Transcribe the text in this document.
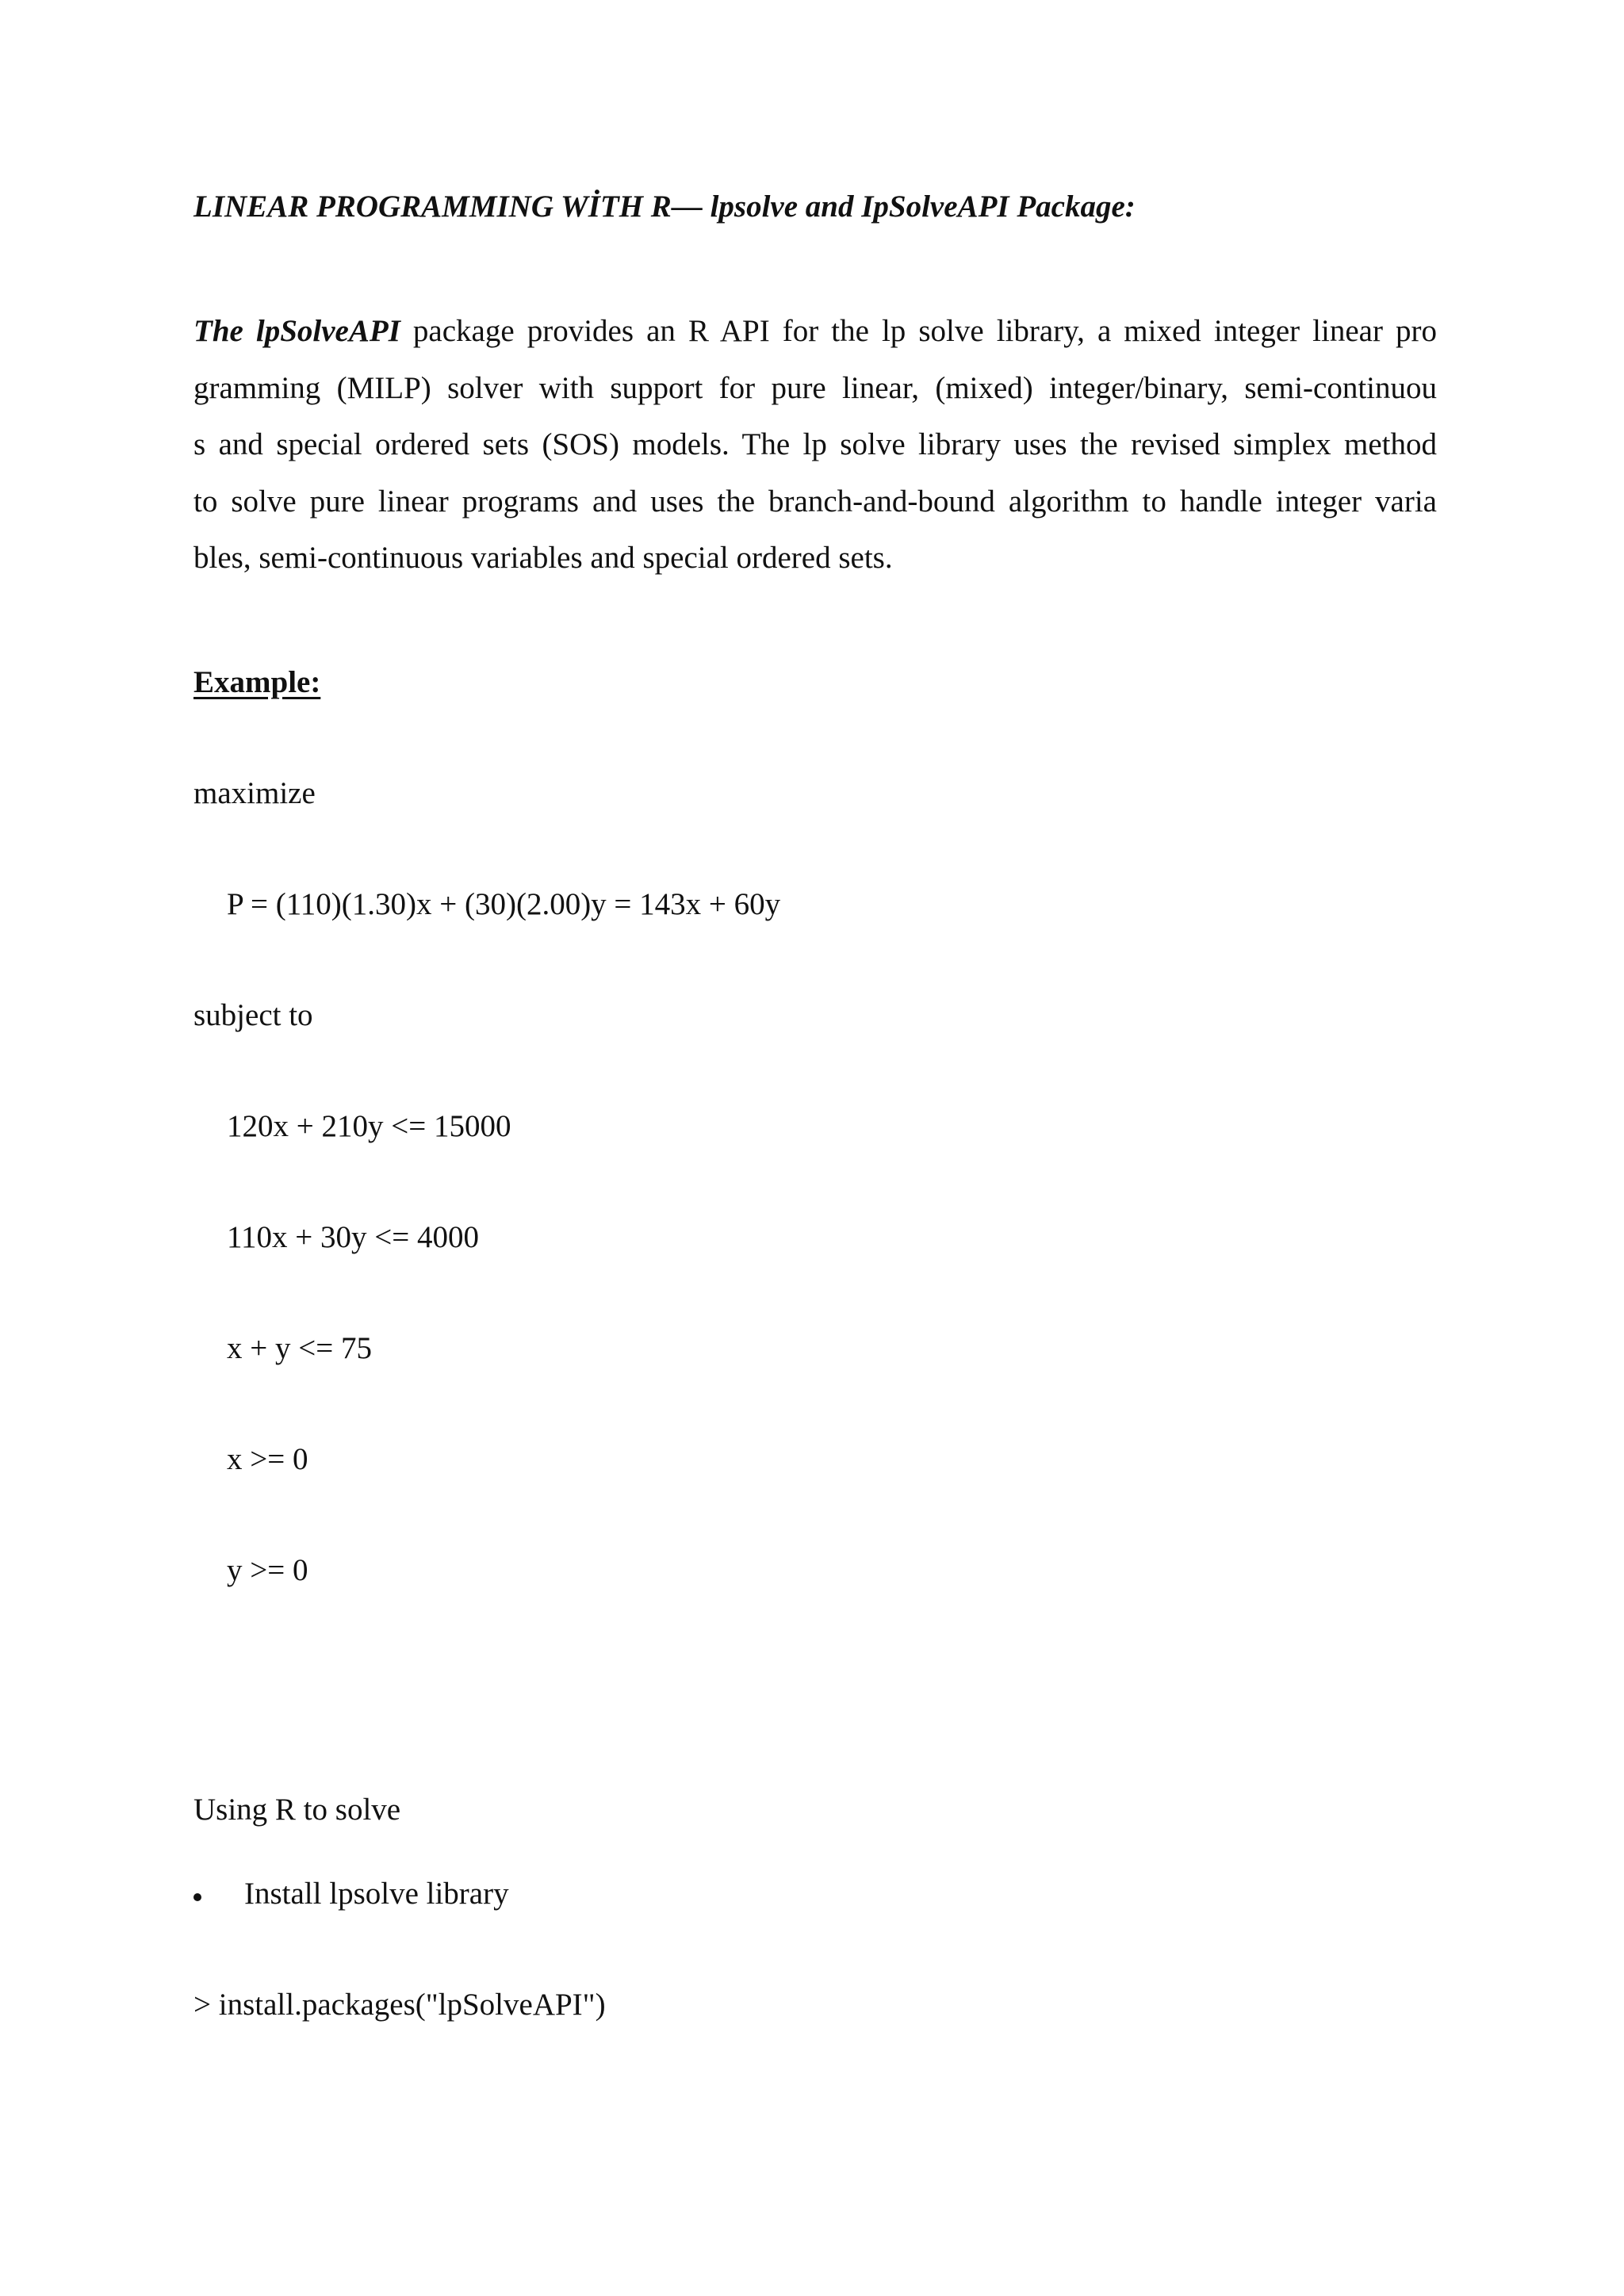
LINEAR PROGRAMMING WİTH R— lpsolve and IpSolveAPI Package:
The lpSolveAPI package provides an R API for the lp solve library, a mixed integer linear pro
gramming (MILP) solver with support for pure linear, (mixed) integer/binary, semi-continuou
s and special ordered sets (SOS) models. The lp solve library uses the revised simplex method
to solve pure linear programs and uses the branch-and-bound algorithm to handle integer varia
bles, semi-continuous variables and special ordered sets.
Example:
maximize
P = (110)(1.30)x + (30)(2.00)y = 143x + 60y
subject to
120x + 210y <= 15000
110x + 30y <= 4000
x + y <= 75
x >= 0
y >= 0
Using R to solve
Install lpsolve library
> install.packages("lpSolveAPI")
